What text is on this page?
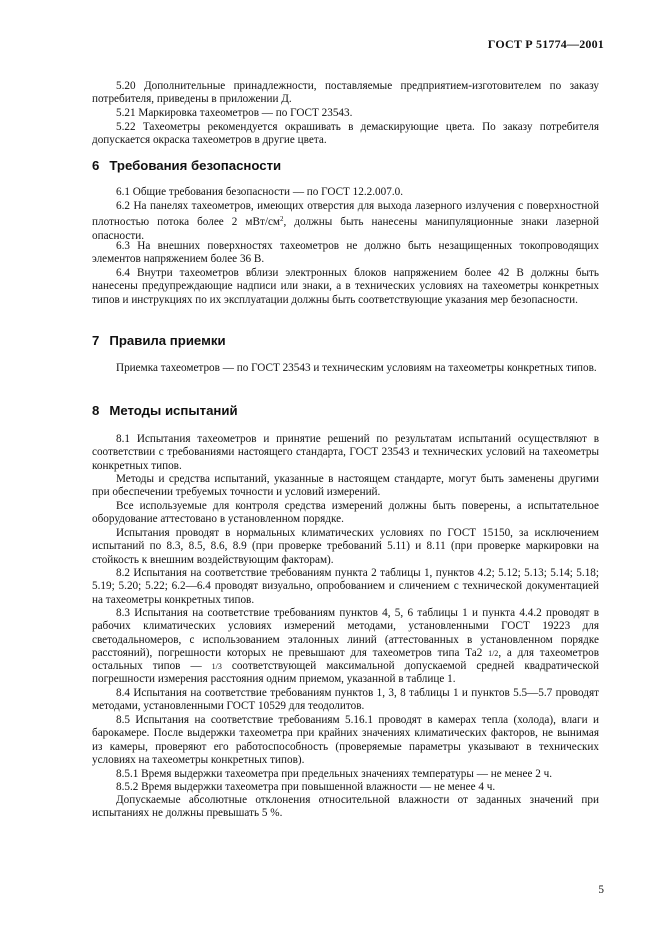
ГОСТ Р 51774—2001

5.20 Дополнительные принадлежности, поставляемые предприятием-изготовителем по заказу потребителя, приведены в приложении Д.

5.21 Маркировка тахеометров — по ГОСТ 23543.

5.22 Тахеометры рекомендуется окрашивать в демаскирующие цвета. По заказу потребителя допускается окраска тахеометров в другие цвета.

6 Требования безопасности

6.1 Общие требования безопасности — по ГОСТ 12.2.007.0.

6.2 На панелях тахеометров, имеющих отверстия для выхода лазерного излучения с поверхностной плотностью потока более 2 мВт/$см^2$, должны быть нанесены манипуляционные знаки лазерной опасности.

6.3 На внешних поверхностях тахеометров не должно быть незащищенных токопроводящих элементов напряжением более 36 В.

6.4 Внутри тахеометров вблизи электронных блоков напряжением более 42 В должны быть нанесены предупреждающие надписи или знаки, а в технических условиях на тахеометры конкретных типов и инструкциях по их эксплуатации должны быть соответствующие указания мер безопасности.

7 Правила приемки

Приемка тахеометров — по ГОСТ 23543 и техническим условиям на тахеометры конкретных типов.

8 Методы испытаний

8.1 Испытания тахеометров и принятие решений по результатам испытаний осуществляют в соответствии с требованиями настоящего стандарта, ГОСТ 23543 и технических условий на тахеометры конкретных типов.

Методы и средства испытаний, указанные в настоящем стандарте, могут быть заменены другими при обеспечении требуемых точности и условий измерений.

Все используемые для контроля средства измерений должны быть поверены, а испытательное оборудование аттестовано в установленном порядке.

Испытания проводят в нормальных климатических условиях по ГОСТ 15150, за исключением испытаний по 8.3, 8.5, 8.6, 8.9 (при проверке требований 5.11) и 8.11 (при проверке маркировки на стойкость к внешним воздействующим факторам).

8.2 Испытания на соответствие требованиям пункта 2 таблицы 1, пунктов 4.2; 5.12; 5.13; 5.14; 5.18; 5.19; 5.20; 5.22; 6.2—6.4 проводят визуально, опробованием и сличением с технической документацией на тахеометры конкретных типов.

8.3 Испытания на соответствие требованиям пунктов 4, 5, 6 таблицы 1 и пункта 4.4.2 проводят в рабочих климатических условиях измерений методами, установленными ГОСТ 19223 для светодальномеров, с использованием эталонных линий (аттестованных в установленном порядке расстояний), погрешности которых не превышают для тахеометров типа Та2 1/2, а для тахеометров остальных типов — 1/3 соответствующей максимальной допускаемой средней квадратической погрешности измерения расстояния одним приемом, указанной в таблице 1.

8.4 Испытания на соответствие требованиям пунктов 1, 3, 8 таблицы 1 и пунктов 5.5—5.7 проводят методами, установленными ГОСТ 10529 для теодолитов.

8.5 Испытания на соответствие требованиям 5.16.1 проводят в камерах тепла (холода), влаги и барокамере. После выдержки тахеометра при крайних значениях климатических факторов, не вынимая из камеры, проверяют его работоспособность (проверяемые параметры указывают в технических условиях на тахеометры конкретных типов).

8.5.1 Время выдержки тахеометра при предельных значениях температуры — не менее 2 ч.

8.5.2 Время выдержки тахеометра при повышенной влажности — не менее 4 ч.

Допускаемые абсолютные отклонения относительной влажности от заданных значений при испытаниях не должны превышать 5 %.

5
